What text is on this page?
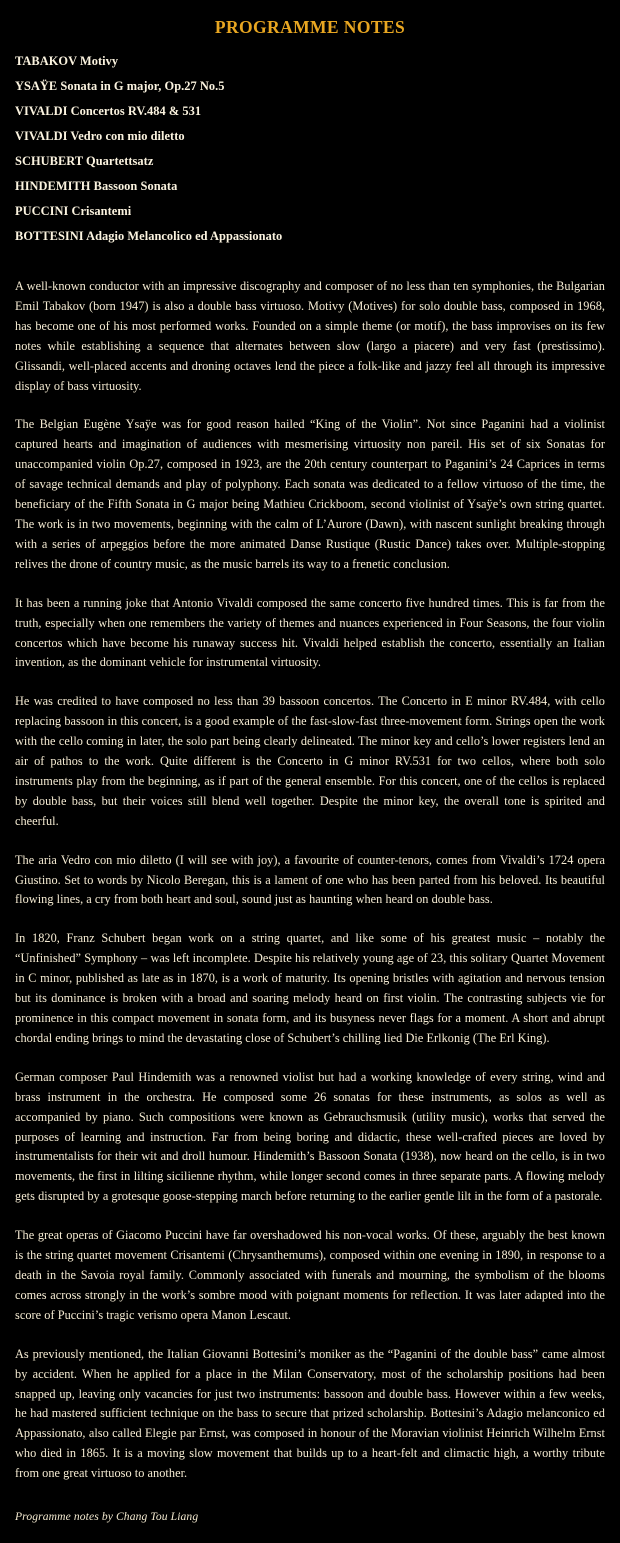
PROGRAMME NOTES
TABAKOV Motivy
YSAŸE Sonata in G major, Op.27 No.5
VIVALDI Concertos RV.484 & 531
VIVALDI Vedro con mio diletto
SCHUBERT Quartettsatz
HINDEMITH Bassoon Sonata
PUCCINI Crisantemi
BOTTESINI Adagio Melancolico ed Appassionato

A well-known conductor with an impressive discography and composer of no less than ten symphonies, the Bulgarian Emil Tabakov (born 1947) is also a double bass virtuoso. Motivy (Motives) for solo double bass, composed in 1968, has become one of his most performed works. Founded on a simple theme (or motif), the bass improvises on its few notes while establishing a sequence that alternates between slow (largo a piacere) and very fast (prestissimo). Glissandi, well-placed accents and droning octaves lend the piece a folk-like and jazzy feel all through its impressive display of bass virtuosity.

The Belgian Eugène Ysaÿe was for good reason hailed “King of the Violin”. Not since Paganini had a violinist captured hearts and imagination of audiences with mesmerising virtuosity non pareil. His set of six Sonatas for unaccompanied violin Op.27, composed in 1923, are the 20th century counterpart to Paganini’s 24 Caprices in terms of savage technical demands and play of polyphony. Each sonata was dedicated to a fellow virtuoso of the time, the beneficiary of the Fifth Sonata in G major being Mathieu Crickboom, second violinist of Ysaÿe’s own string quartet. The work is in two movements, beginning with the calm of L’Aurore (Dawn), with nascent sunlight breaking through with a series of arpeggios before the more animated Danse Rustique (Rustic Dance) takes over. Multiple-stopping relives the drone of country music, as the music barrels its way to a frenetic conclusion.

It has been a running joke that Antonio Vivaldi composed the same concerto five hundred times. This is far from the truth, especially when one remembers the variety of themes and nuances experienced in Four Seasons, the four violin concertos which have become his runaway success hit. Vivaldi helped establish the concerto, essentially an Italian invention, as the dominant vehicle for instrumental virtuosity.

He was credited to have composed no less than 39 bassoon concertos. The Concerto in E minor RV.484, with cello replacing bassoon in this concert, is a good example of the fast-slow-fast three-movement form. Strings open the work with the cello coming in later, the solo part being clearly delineated. The minor key and cello’s lower registers lend an air of pathos to the work. Quite different is the Concerto in G minor RV.531 for two cellos, where both solo instruments play from the beginning, as if part of the general ensemble. For this concert, one of the cellos is replaced by double bass, but their voices still blend well together. Despite the minor key, the overall tone is spirited and cheerful.

The aria Vedro con mio diletto (I will see with joy), a favourite of counter-tenors, comes from Vivaldi’s 1724 opera Giustino. Set to words by Nicolo Beregan, this is a lament of one who has been parted from his beloved. Its beautiful flowing lines, a cry from both heart and soul, sound just as haunting when heard on double bass.

In 1820, Franz Schubert began work on a string quartet, and like some of his greatest music – notably the “Unfinished” Symphony – was left incomplete. Despite his relatively young age of 23, this solitary Quartet Movement in C minor, published as late as in 1870, is a work of maturity. Its opening bristles with agitation and nervous tension but its dominance is broken with a broad and soaring melody heard on first violin. The contrasting subjects vie for prominence in this compact movement in sonata form, and its busyness never flags for a moment. A short and abrupt chordal ending brings to mind the devastating close of Schubert’s chilling lied Die Erlkonig (The Erl King).

German composer Paul Hindemith was a renowned violist but had a working knowledge of every string, wind and brass instrument in the orchestra. He composed some 26 sonatas for these instruments, as solos as well as accompanied by piano. Such compositions were known as Gebrauchsmusik (utility music), works that served the purposes of learning and instruction. Far from being boring and didactic, these well-crafted pieces are loved by instrumentalists for their wit and droll humour. Hindemith’s Bassoon Sonata (1938), now heard on the cello, is in two movements, the first in lilting sicilienne rhythm, while longer second comes in three separate parts. A flowing melody gets disrupted by a grotesque goose-stepping march before returning to the earlier gentle lilt in the form of a pastorale.

The great operas of Giacomo Puccini have far overshadowed his non-vocal works. Of these, arguably the best known is the string quartet movement Crisantemi (Chrysanthemums), composed within one evening in 1890, in response to a death in the Savoia royal family. Commonly associated with funerals and mourning, the symbolism of the blooms comes across strongly in the work’s sombre mood with poignant moments for reflection. It was later adapted into the score of Puccini’s tragic verismo opera Manon Lescaut.

As previously mentioned, the Italian Giovanni Bottesini’s moniker as the “Paganini of the double bass” came almost by accident. When he applied for a place in the Milan Conservatory, most of the scholarship positions had been snapped up, leaving only vacancies for just two instruments: bassoon and double bass. However within a few weeks, he had mastered sufficient technique on the bass to secure that prized scholarship. Bottesini’s Adagio melanconico ed Appassionato, also called Elegie par Ernst, was composed in honour of the Moravian violinist Heinrich Wilhelm Ernst who died in 1865. It is a moving slow movement that builds up to a heart-felt and climactic high, a worthy tribute from one great virtuoso to another.

Programme notes by Chang Tou Liang
